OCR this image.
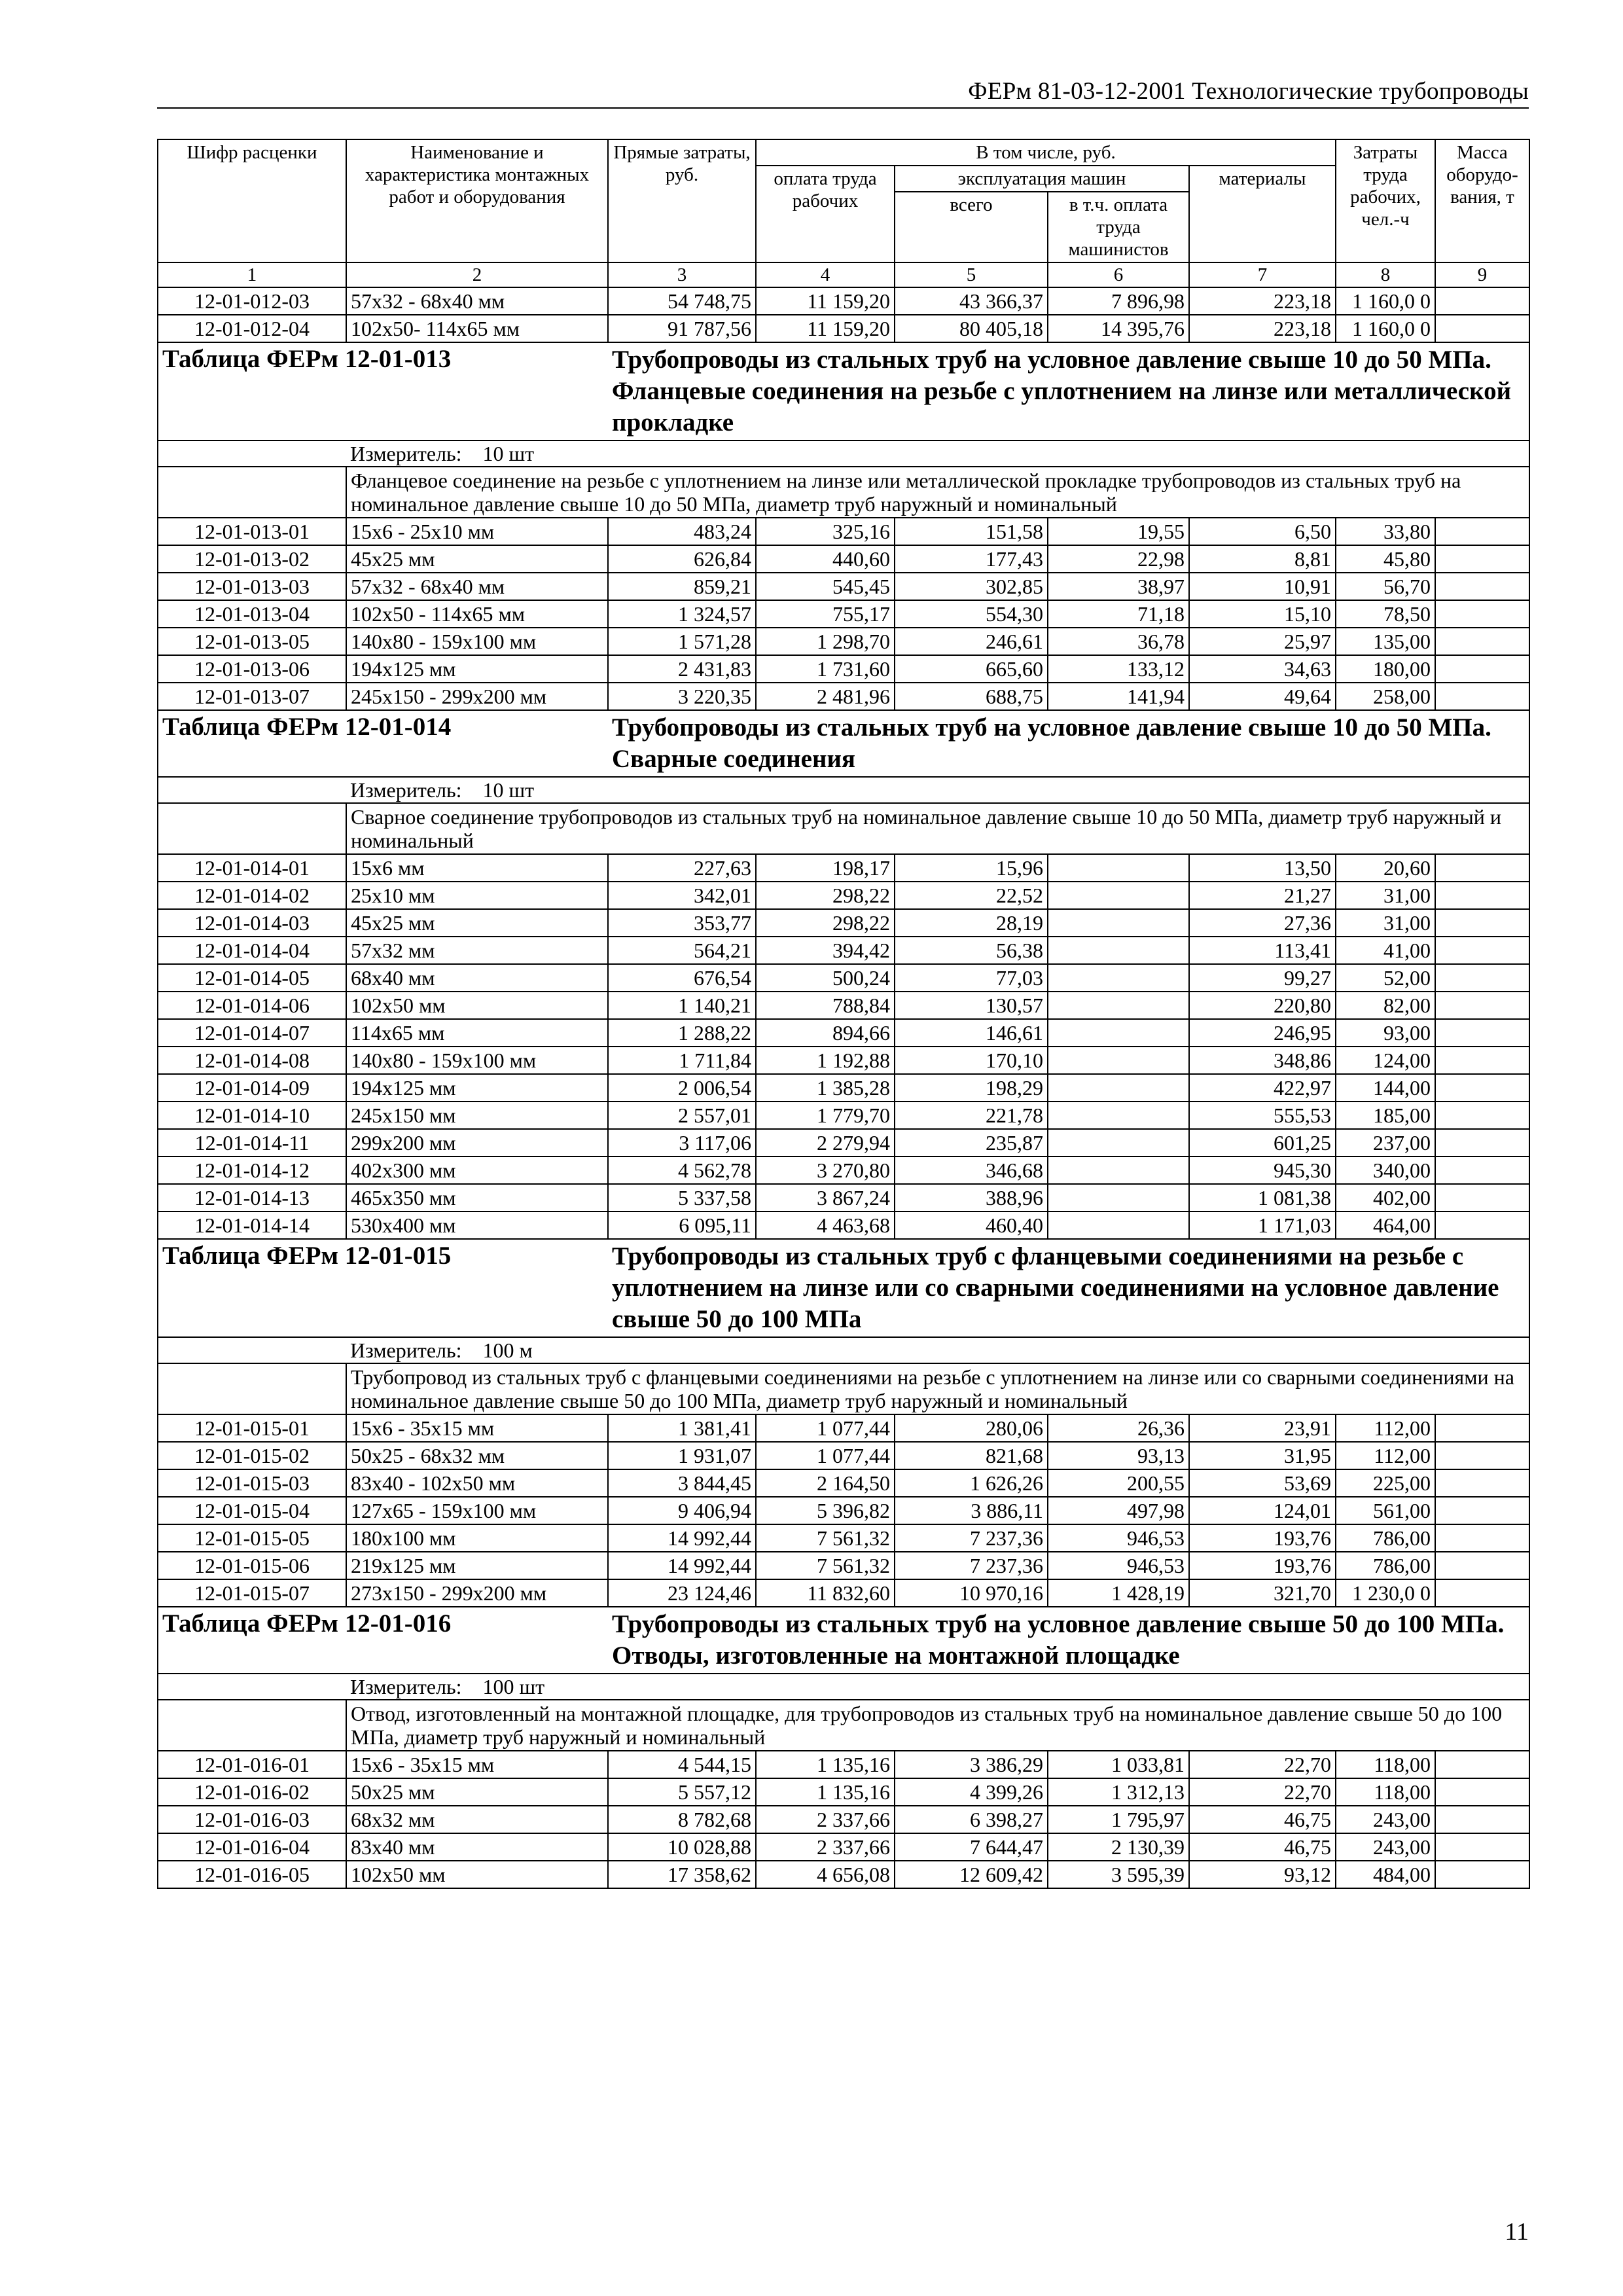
ФЕРм 81-03-12-2001 Технологические трубопроводы
Шифр расценки	Наименование и характеристика монтажных работ и оборудования	Прямые затраты, руб.	В том числе, руб.				Затраты труда рабочих, чел.-ч	Масса оборудо-вания, т
			оплата труда рабочих	эксплуатация машин		материалы		
				всего	в т.ч. оплата труда машинистов			
1	2	3	4	5	6	7	8	9
12-01-012-03	57х32 - 68х40 мм	54 748,75	11 159,20	43 366,37	7 896,98	223,18	1 160,0 0	
12-01-012-04	102х50- 114х65 мм	91 787,56	11 159,20	80 405,18	14 395,76	223,18	1 160,0 0	
Таблица ФЕРм 12-01-013		Трубопроводы из стальных труб на условное давление свыше 10 до 50 МПа. Фланцевые соединения на резьбе с уплотнением на линзе или металлической прокладке						
	Измеритель: 10 шт							
	Фланцевое соединение на резьбе с уплотнением на линзе или металлической прокладке трубопроводов из стальных труб на номинальное давление свыше 10 до 50 МПа, диаметр труб наружный и номинальный							
12-01-013-01	15х6 - 25х10 мм	483,24	325,16	151,58	19,55	6,50	33,80	
12-01-013-02	45х25 мм	626,84	440,60	177,43	22,98	8,81	45,80	
12-01-013-03	57х32 - 68х40 мм	859,21	545,45	302,85	38,97	10,91	56,70	
12-01-013-04	102х50 - 114х65 мм	1 324,57	755,17	554,30	71,18	15,10	78,50	
12-01-013-05	140х80 - 159х100 мм	1 571,28	1 298,70	246,61	36,78	25,97	135,00	
12-01-013-06	194х125 мм	2 431,83	1 731,60	665,60	133,12	34,63	180,00	
12-01-013-07	245х150 - 299х200 мм	3 220,35	2 481,96	688,75	141,94	49,64	258,00	
Таблица ФЕРм 12-01-014		Трубопроводы из стальных труб на условное давление свыше 10 до 50 МПа. Сварные соединения						
	Измеритель: 10 шт							
	Сварное соединение трубопроводов из стальных труб на номинальное давление свыше 10 до 50 МПа, диаметр труб наружный и номинальный							
12-01-014-01	15х6 мм	227,63	198,17	15,96		13,50	20,60	
12-01-014-02	25х10 мм	342,01	298,22	22,52		21,27	31,00	
12-01-014-03	45х25 мм	353,77	298,22	28,19		27,36	31,00	
12-01-014-04	57х32 мм	564,21	394,42	56,38		113,41	41,00	
12-01-014-05	68х40 мм	676,54	500,24	77,03		99,27	52,00	
12-01-014-06	102х50 мм	1 140,21	788,84	130,57		220,80	82,00	
12-01-014-07	114х65 мм	1 288,22	894,66	146,61		246,95	93,00	
12-01-014-08	140х80 - 159х100 мм	1 711,84	1 192,88	170,10		348,86	124,00	
12-01-014-09	194х125 мм	2 006,54	1 385,28	198,29		422,97	144,00	
12-01-014-10	245х150 мм	2 557,01	1 779,70	221,78		555,53	185,00	
12-01-014-11	299х200 мм	3 117,06	2 279,94	235,87		601,25	237,00	
12-01-014-12	402х300 мм	4 562,78	3 270,80	346,68		945,30	340,00	
12-01-014-13	465х350 мм	5 337,58	3 867,24	388,96		1 081,38	402,00	
12-01-014-14	530х400 мм	6 095,11	4 463,68	460,40		1 171,03	464,00	
Таблица ФЕРм 12-01-015		Трубопроводы из стальных труб с фланцевыми соединениями на резьбе с уплотнением на линзе или со сварными соединениями на условное давление свыше 50 до 100 МПа						
	Измеритель: 100 м							
	Трубопровод из стальных труб с фланцевыми соединениями на резьбе с уплотнением на линзе или со сварными соединениями на номинальное давление свыше 50 до 100 МПа, диаметр труб наружный и номинальный							
12-01-015-01	15х6 - 35х15 мм	1 381,41	1 077,44	280,06	26,36	23,91	112,00	
12-01-015-02	50х25 - 68х32 мм	1 931,07	1 077,44	821,68	93,13	31,95	112,00	
12-01-015-03	83х40 - 102х50 мм	3 844,45	2 164,50	1 626,26	200,55	53,69	225,00	
12-01-015-04	127х65 - 159х100 мм	9 406,94	5 396,82	3 886,11	497,98	124,01	561,00	
12-01-015-05	180х100 мм	14 992,44	7 561,32	7 237,36	946,53	193,76	786,00	
12-01-015-06	219х125 мм	14 992,44	7 561,32	7 237,36	946,53	193,76	786,00	
12-01-015-07	273х150 - 299х200 мм	23 124,46	11 832,60	10 970,16	1 428,19	321,70	1 230,0 0	
Таблица ФЕРм 12-01-016		Трубопроводы из стальных труб на условное давление свыше 50 до 100 МПа. Отводы, изготовленные на монтажной площадке						
	Измеритель: 100 шт							
	Отвод, изготовленный на монтажной площадке, для трубопроводов из стальных труб на номинальное давление свыше 50 до 100 МПа, диаметр труб наружный и номинальный							
12-01-016-01	15х6 - 35х15 мм	4 544,15	1 135,16	3 386,29	1 033,81	22,70	118,00	
12-01-016-02	50х25 мм	5 557,12	1 135,16	4 399,26	1 312,13	22,70	118,00	
12-01-016-03	68х32 мм	8 782,68	2 337,66	6 398,27	1 795,97	46,75	243,00	
12-01-016-04	83х40 мм	10 028,88	2 337,66	7 644,47	2 130,39	46,75	243,00	
12-01-016-05	102х50 мм	17 358,62	4 656,08	12 609,42	3 595,39	93,12	484,00	
11
